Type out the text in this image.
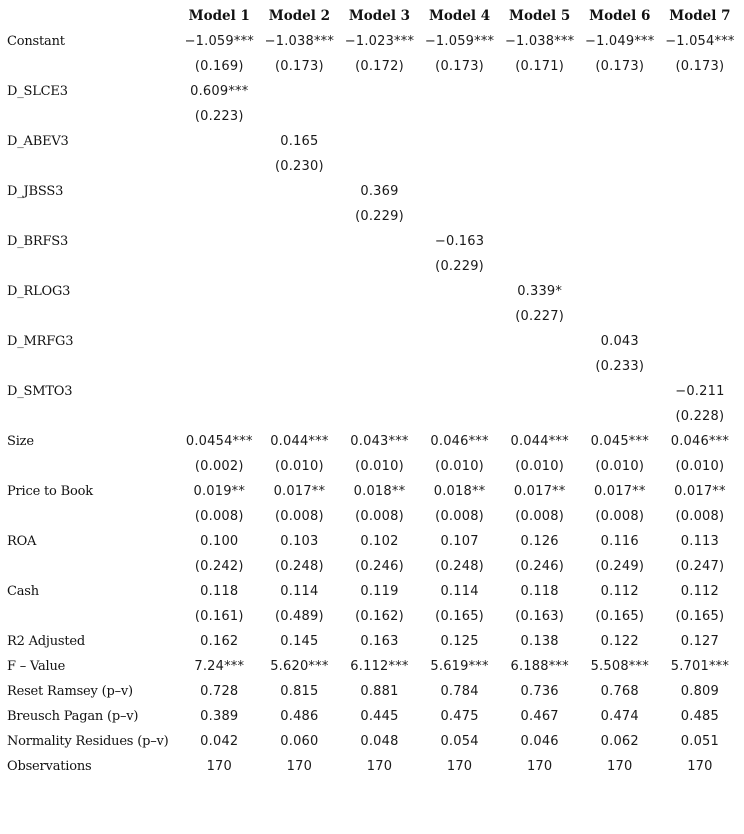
	Model 1	Model 2	Model 3	Model 4	Model 5	Model 6	Model 7
Constant	−1.059***	−1.038***	−1.023***	−1.059***	−1.038***	−1.049***	−1.054***
	(0.169)	(0.173)	(0.172)	(0.173)	(0.171)	(0.173)	(0.173)
D_SLCE3	0.609***						
	(0.223)						
D_ABEV3		0.165					
		(0.230)					
D_JBSS3			0.369				
			(0.229)				
D_BRFS3				−0.163			
				(0.229)			
D_RLOG3					0.339*		
					(0.227)		
D_MRFG3						0.043	
						(0.233)	
D_SMTO3							−0.211
							(0.228)
Size	0.0454***	0.044***	0.043***	0.046***	0.044***	0.045***	0.046***
	(0.002)	(0.010)	(0.010)	(0.010)	(0.010)	(0.010)	(0.010)
Price to Book	0.019**	0.017**	0.018**	0.018**	0.017**	0.017**	0.017**
	(0.008)	(0.008)	(0.008)	(0.008)	(0.008)	(0.008)	(0.008)
ROA	0.100	0.103	0.102	0.107	0.126	0.116	0.113
	(0.242)	(0.248)	(0.246)	(0.248)	(0.246)	(0.249)	(0.247)
Cash	0.118	0.114	0.119	0.114	0.118	0.112	0.112
	(0.161)	(0.489)	(0.162)	(0.165)	(0.163)	(0.165)	(0.165)
R2 Adjusted	0.162	0.145	0.163	0.125	0.138	0.122	0.127
F – Value	7.24***	5.620***	6.112***	5.619***	6.188***	5.508***	5.701***
Reset Ramsey (p–v)	0.728	0.815	0.881	0.784	0.736	0.768	0.809
Breusch Pagan (p–v)	0.389	0.486	0.445	0.475	0.467	0.474	0.485
Normality Residues (p–v)	0.042	0.060	0.048	0.054	0.046	0.062	0.051
Observations	170	170	170	170	170	170	170
